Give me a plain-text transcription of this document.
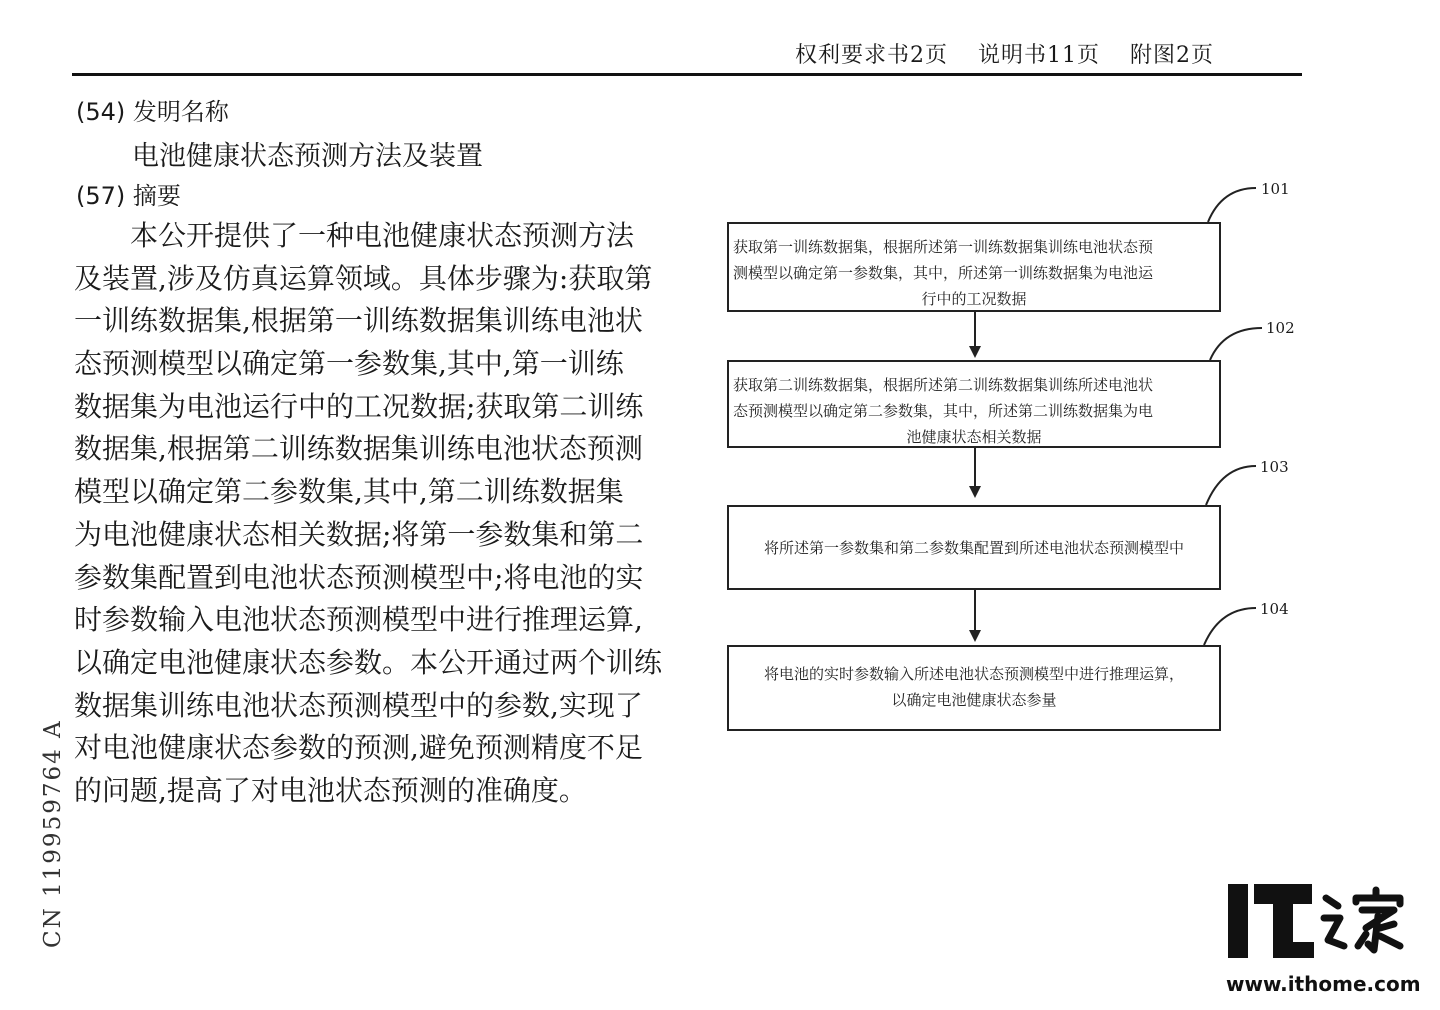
权利要求书2页 说明书11页 附图2页
(54) 发明名称
电池健康状态预测方法及装置
(57) 摘要
　　本公开提供了一种电池健康状态预测方法
及装置,涉及仿真运算领域。具体步骤为:获取第
一训练数据集,根据第一训练数据集训练电池状
态预测模型以确定第一参数集,其中,第一训练
数据集为电池运行中的工况数据;获取第二训练
数据集,根据第二训练数据集训练电池状态预测
模型以确定第二参数集,其中,第二训练数据集
为电池健康状态相关数据;将第一参数集和第二
参数集配置到电池状态预测模型中;将电池的实
时参数输入电池状态预测模型中进行推理运算,
以确定电池健康状态参数。本公开通过两个训练
数据集训练电池状态预测模型中的参数,实现了
对电池健康状态参数的预测,避免预测精度不足
的问题,提高了对电池状态预测的准确度。
CN 119959764 A
获取第一训练数据集，根据所述第一训练数据集训练电池状态预
测模型以确定第一参数集，其中，所述第一训练数据集为电池运
行中的工况数据
获取第二训练数据集，根据所述第二训练数据集训练所述电池状
态预测模型以确定第二参数集，其中，所述第二训练数据集为电
池健康状态相关数据
将所述第一参数集和第二参数集配置到所述电池状态预测模型中
将电池的实时参数输入所述电池状态预测模型中进行推理运算，
以确定电池健康状态参量
101
102
103
104
www.ithome.com
